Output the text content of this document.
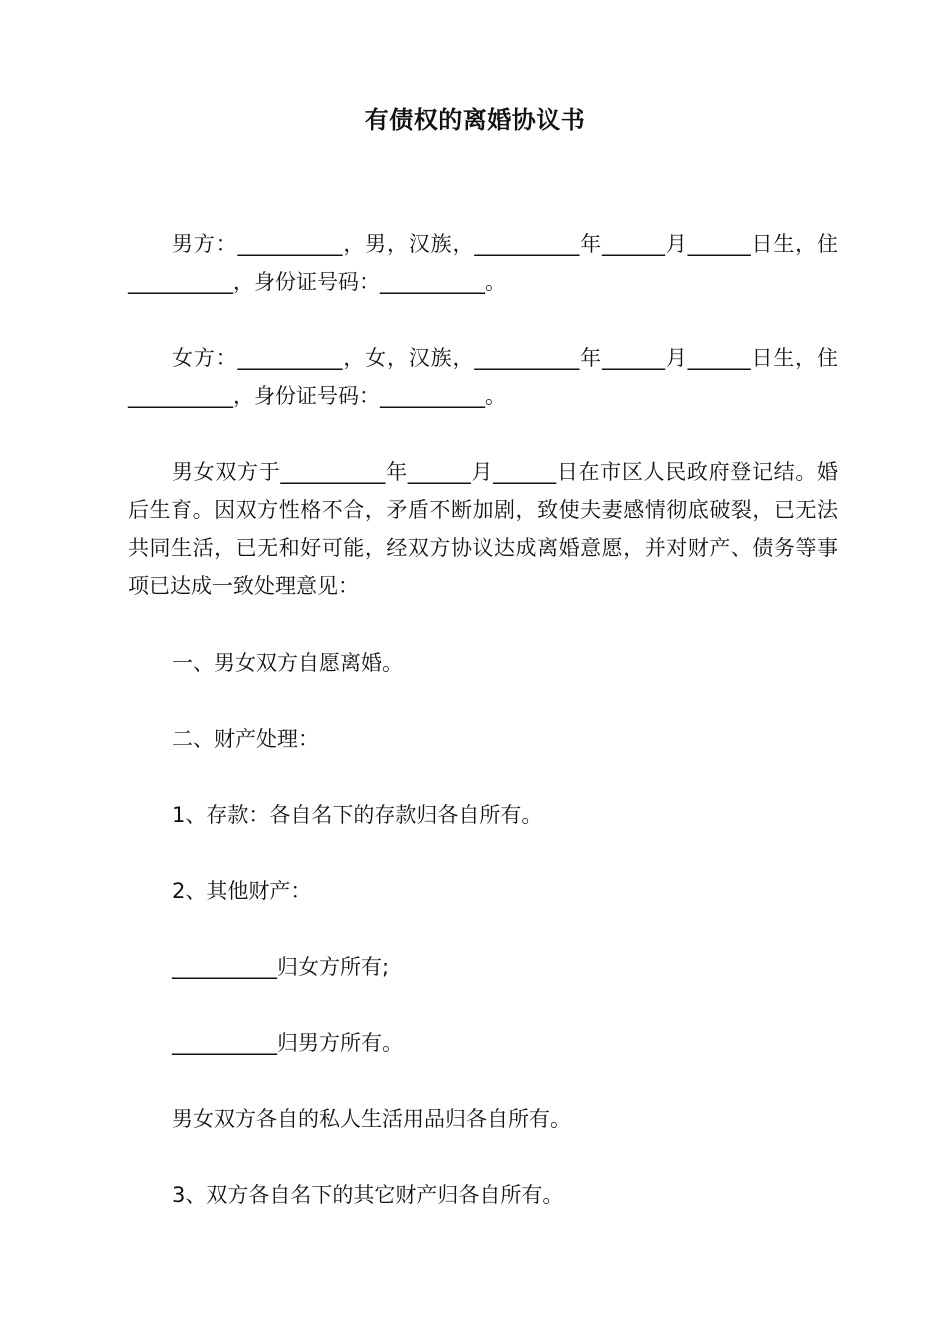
有债权的离婚协议书

男方：__________，男，汉族，__________年______月______日生，住__________，身份证号码：__________。

女方：__________，女，汉族，__________年______月______日生，住__________，身份证号码：__________。

男女双方于__________年______月______日在市区人民政府登记结。婚后生育。因双方性格不合，矛盾不断加剧，致使夫妻感情彻底破裂，已无法共同生活，已无和好可能，经双方协议达成离婚意愿，并对财产、债务等事项已达成一致处理意见：

一、男女双方自愿离婚。
二、财产处理：
1、存款：各自名下的存款归各自所有。
2、其他财产：
__________归女方所有;
__________归男方所有。
男女双方各自的私人生活用品归各自所有。
3、双方各自名下的其它财产归各自所有。
